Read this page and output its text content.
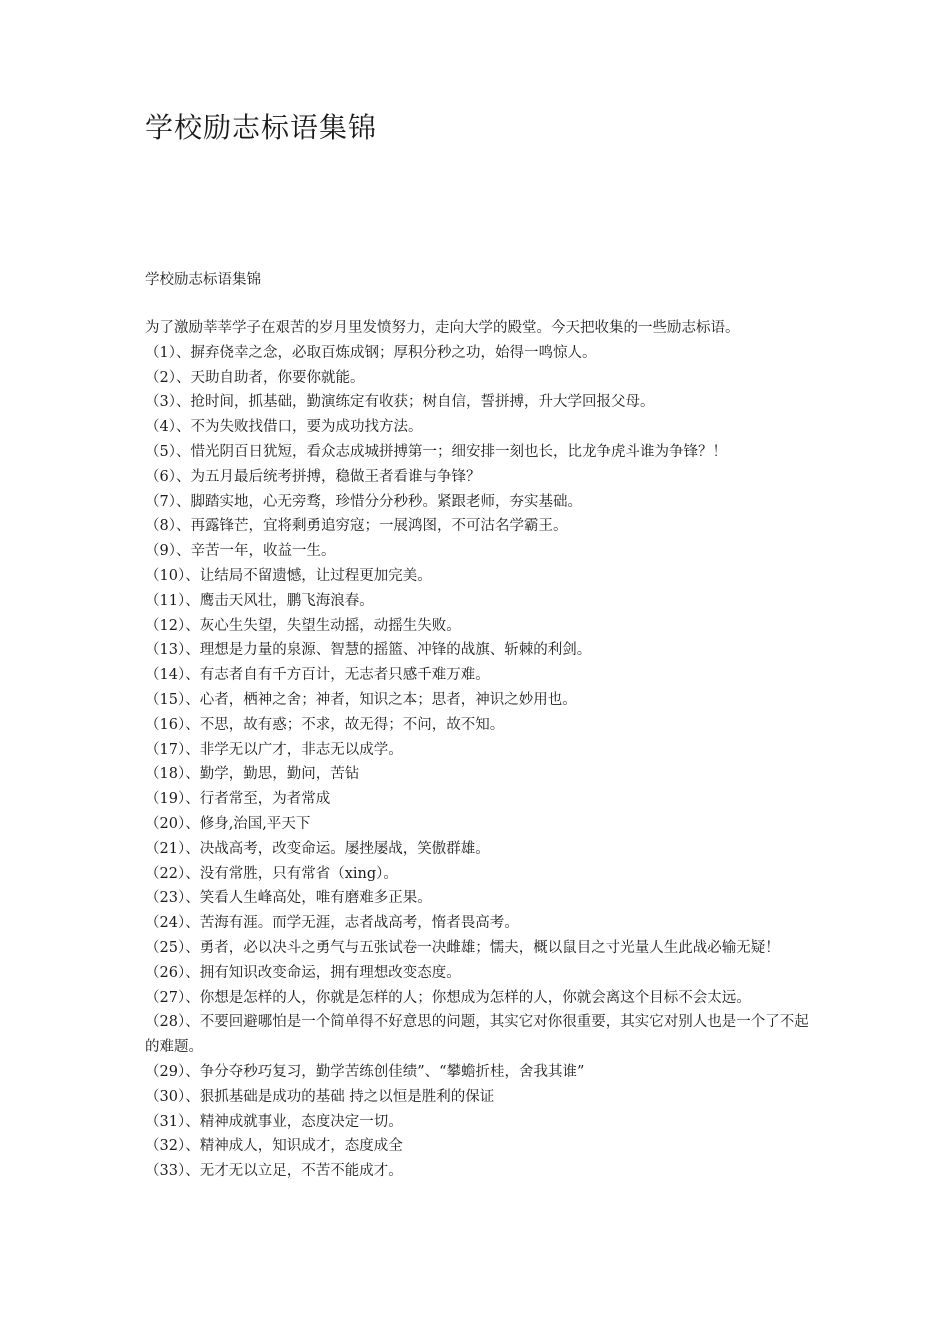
学校励志标语集锦

学校励志标语集锦

为了激励莘莘学子在艰苦的岁月里发愤努力，走向大学的殿堂。今天把收集的一些励志标语。

（1）、摒弃侥幸之念，必取百炼成钢；厚积分秒之功，始得一鸣惊人。

（2）、天助自助者，你要你就能。

（3）、抢时间，抓基础，勤演练定有收获；树自信，誓拼搏，升大学回报父母。

（4）、不为失败找借口，要为成功找方法。

（5）、惜光阴百日犹短，看众志成城拼搏第一；细安排一刻也长，比龙争虎斗谁为争锋？！

（6）、为五月最后统考拼搏，稳做王者看谁与争锋？

（7）、脚踏实地，心无旁骛，珍惜分分秒秒。紧跟老师，夯实基础。

（8）、再露锋芒，宜将剩勇追穷寇；一展鸿图，不可沽名学霸王。

（9）、辛苦一年，收益一生。

（10）、让结局不留遗憾，让过程更加完美。

（11）、鹰击天风壮，鹏飞海浪春。

（12）、灰心生失望，失望生动摇，动摇生失败。

（13）、理想是力量的泉源、智慧的摇篮、冲锋的战旗、斩棘的利剑。

（14）、有志者自有千方百计，无志者只感千难万难。

（15）、心者，栖神之舍；神者，知识之本；思者，神识之妙用也。

（16）、不思，故有惑；不求，故无得；不问，故不知。

（17）、非学无以广才，非志无以成学。

（18）、勤学，勤思，勤问，苦钻

（19）、行者常至，为者常成

（20）、修身,治国,平天下

（21）、决战高考，改变命运。屡挫屡战，笑傲群雄。

（22）、没有常胜，只有常省（xing）。

（23）、笑看人生峰高处，唯有磨难多正果。

（24）、苦海有涯。而学无涯，志者战高考，惰者畏高考。

（25）、勇者，必以决斗之勇气与五张试卷一决雌雄；懦夫，概以鼠目之寸光量人生此战必输无疑！

（26）、拥有知识改变命运，拥有理想改变态度。

（27）、你想是怎样的人，你就是怎样的人；你想成为怎样的人，你就会离这个目标不会太远。

（28）、不要回避哪怕是一个简单得不好意思的问题，其实它对你很重要，其实它对别人也是一个了不起的难题。

（29）、争分夺秒巧复习，勤学苦练创佳绩”、“攀蟾折桂，舍我其谁”

（30）、狠抓基础是成功的基础 持之以恒是胜利的保证

（31）、精神成就事业，态度决定一切。

（32）、精神成人，知识成才，态度成全

（33）、无才无以立足，不苦不能成才。
